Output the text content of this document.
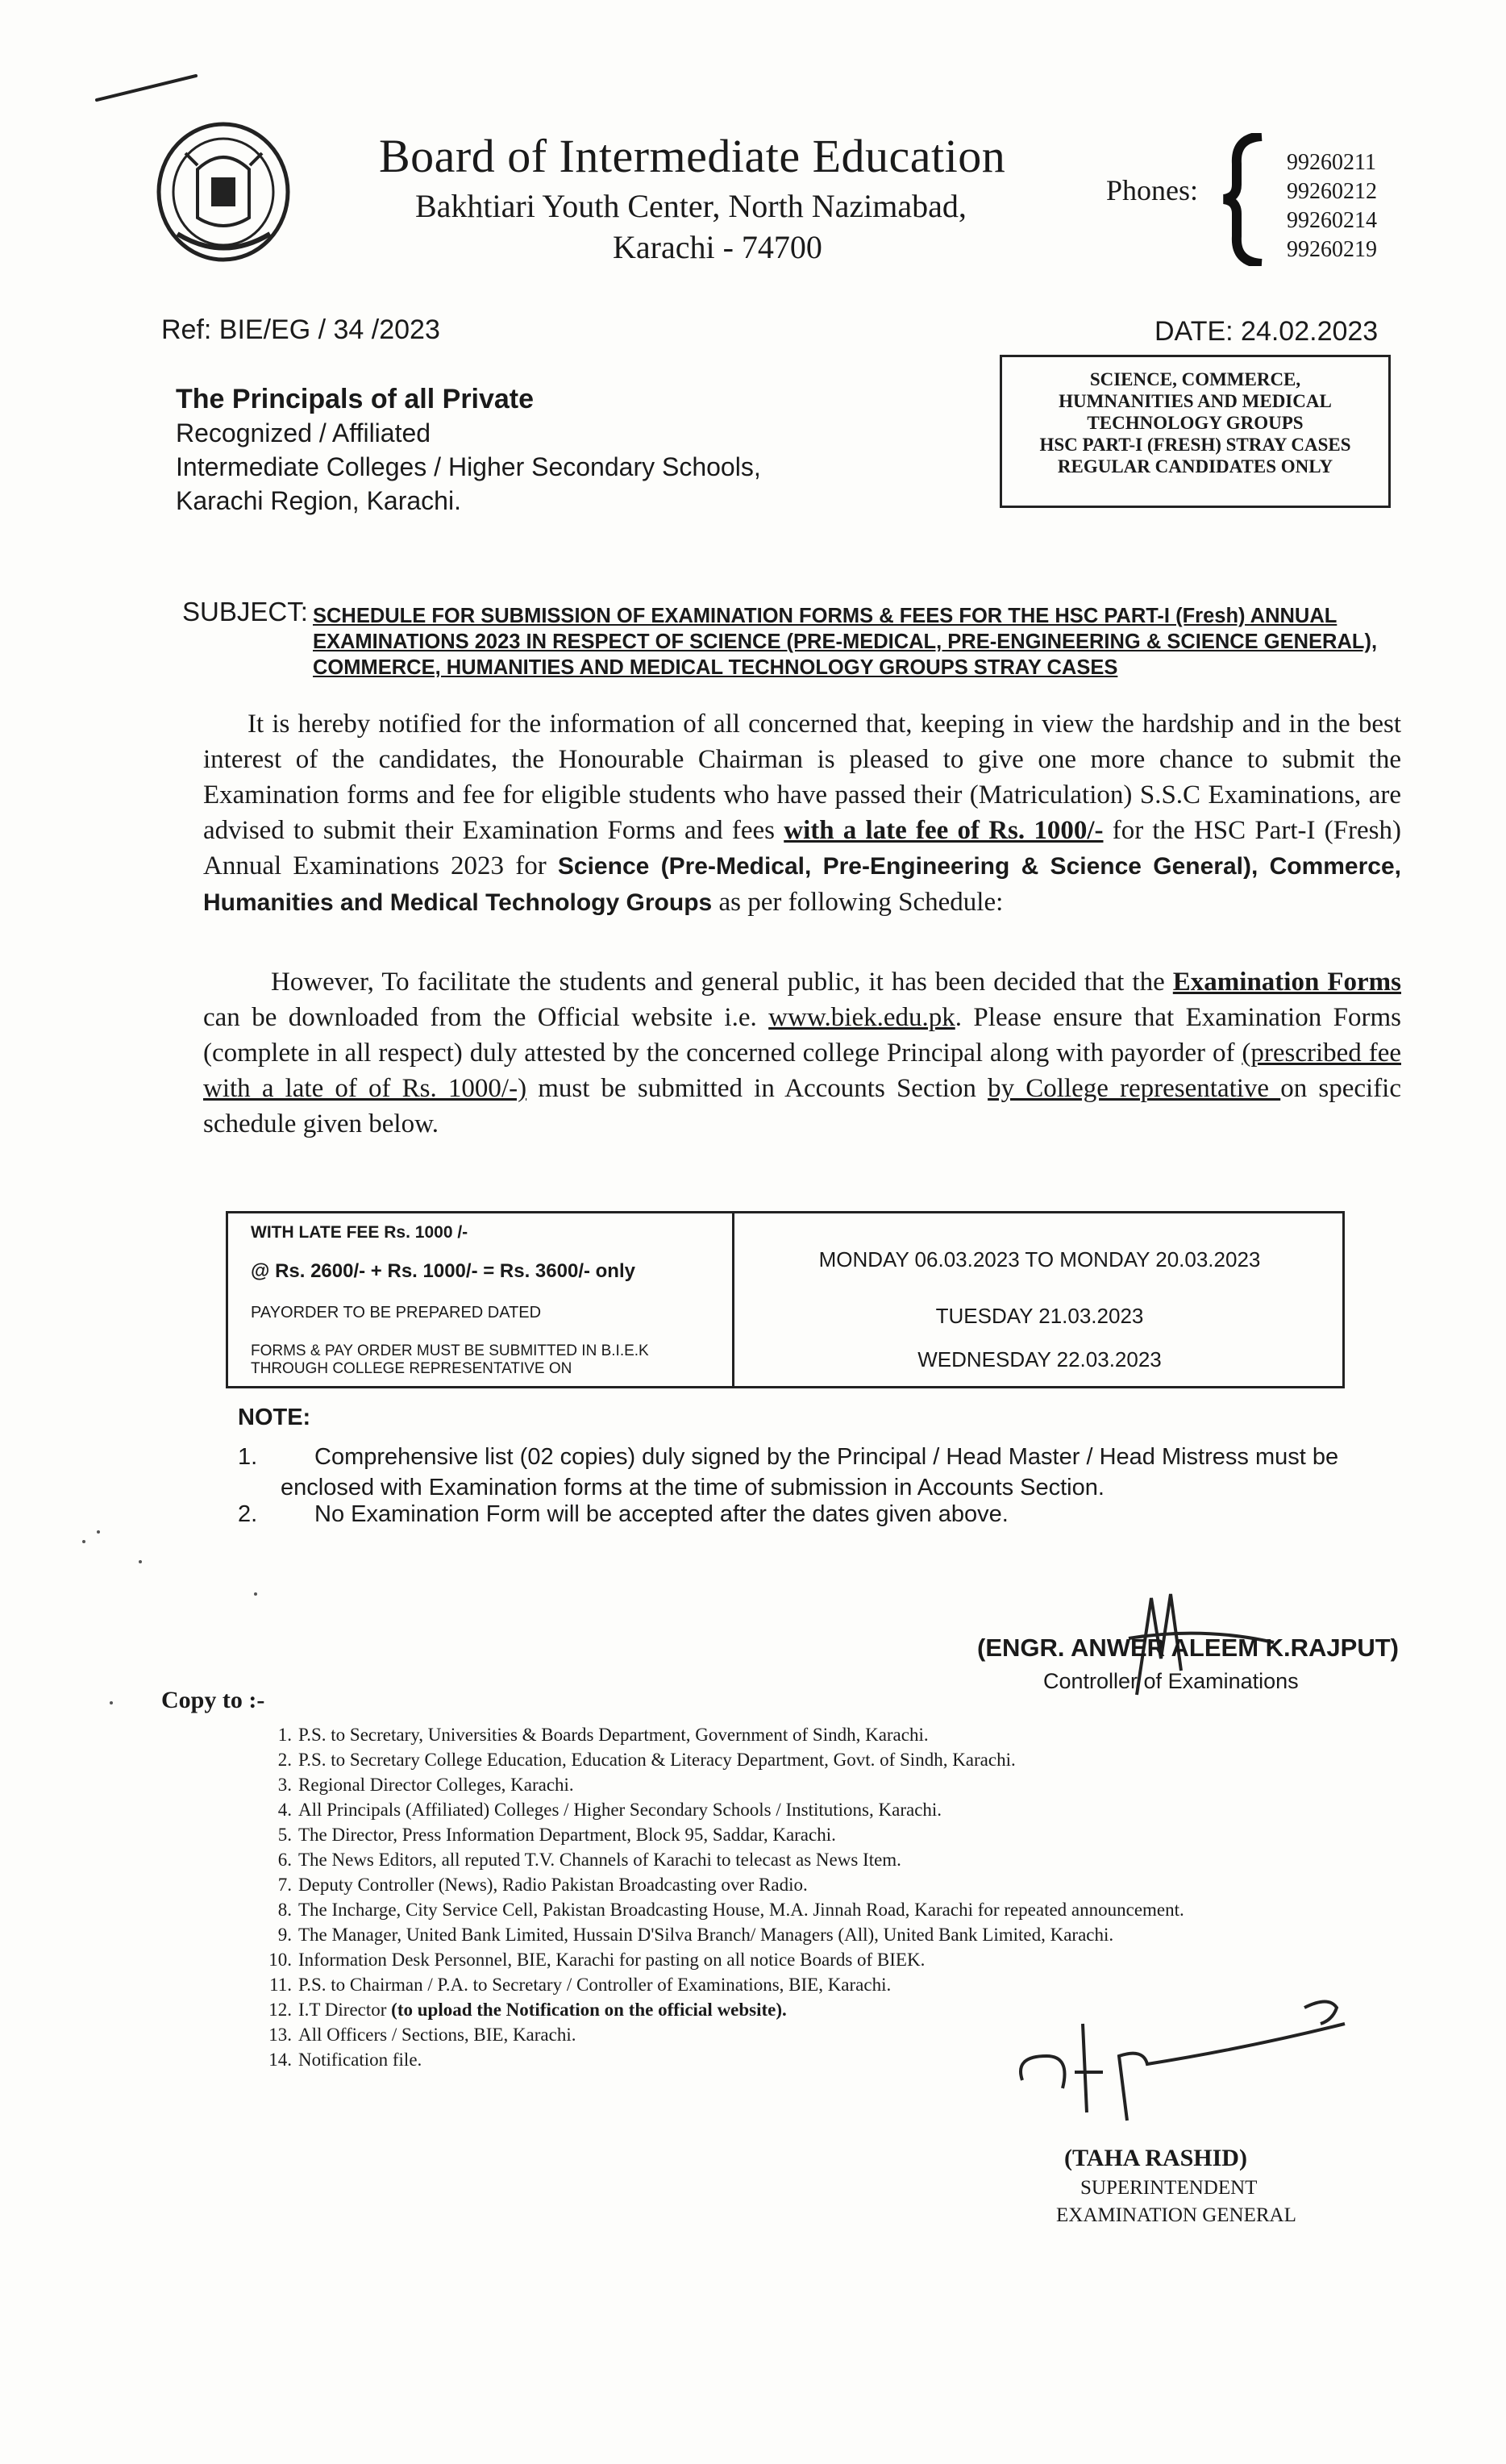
Board of Intermediate Education
Bakhtiari Youth Center, North Nazimabad,
Karachi - 74700
Phones:
99260211
99260212
99260214
99260219
Ref: BIE/EG / 34 /2023	DATE: 24.02.2023
The Principals of all Private
Recognized / Affiliated
Intermediate Colleges / Higher Secondary Schools,
Karachi Region, Karachi.
SCIENCE, COMMERCE,
HUMNANITIES AND MEDICAL
TECHNOLOGY GROUPS
HSC PART-I (FRESH) STRAY CASES
REGULAR CANDIDATES ONLY
SUBJECT: SCHEDULE FOR SUBMISSION OF EXAMINATION FORMS & FEES FOR THE HSC PART-I (Fresh) ANNUAL EXAMINATIONS 2023 IN RESPECT OF SCIENCE (PRE-MEDICAL, PRE-ENGINEERING & SCIENCE GENERAL), COMMERCE, HUMANITIES AND MEDICAL TECHNOLOGY GROUPS STRAY CASES
It is hereby notified for the information of all concerned that, keeping in view the hardship and in the best interest of the candidates, the Honourable Chairman is pleased to give one more chance to submit the Examination forms and fee for eligible students who have passed their (Matriculation) S.S.C Examinations, are advised to submit their Examination Forms and fees with a late fee of Rs. 1000/- for the HSC Part-I (Fresh) Annual Examinations 2023 for Science (Pre-Medical, Pre-Engineering & Science General), Commerce, Humanities and Medical Technology Groups as per following Schedule:
However, To facilitate the students and general public, it has been decided that the Examination Forms can be downloaded from the Official website i.e. www.biek.edu.pk. Please ensure that Examination Forms (complete in all respect) duly attested by the concerned college Principal along with payorder of (prescribed fee with a late of of Rs. 1000/-) must be submitted in Accounts Section by College representative on specific schedule given below.
WITH LATE FEE Rs. 1000 /-
@ Rs. 2600/- + Rs. 1000/- = Rs. 3600/- only
PAYORDER TO BE PREPARED DATED
FORMS & PAY ORDER MUST BE SUBMITTED IN B.I.E.K
THROUGH COLLEGE REPRESENTATIVE ON
MONDAY 06.03.2023 TO MONDAY 20.03.2023
TUESDAY 21.03.2023
WEDNESDAY 22.03.2023
NOTE:
1. Comprehensive list (02 copies) duly signed by the Principal / Head Master / Head Mistress must be
enclosed with Examination forms at the time of submission in Accounts Section.
2. No Examination Form will be accepted after the dates given above.
(ENGR. ANWER ALEEM K.RAJPUT)
Controller of Examinations
Copy to :-
1. P.S. to Secretary, Universities & Boards Department, Government of Sindh, Karachi.
2. P.S. to Secretary College Education, Education & Literacy Department, Govt. of Sindh, Karachi.
3. Regional Director Colleges, Karachi.
4. All Principals (Affiliated) Colleges / Higher Secondary Schools / Institutions, Karachi.
5. The Director, Press Information Department, Block 95, Saddar, Karachi.
6. The News Editors, all reputed T.V. Channels of Karachi to telecast as News Item.
7. Deputy Controller (News), Radio Pakistan Broadcasting over Radio.
8. The Incharge, City Service Cell, Pakistan Broadcasting House, M.A. Jinnah Road, Karachi for repeated announcement.
9. The Manager, United Bank Limited, Hussain D'Silva Branch/ Managers (All), United Bank Limited, Karachi.
10. Information Desk Personnel, BIE, Karachi for pasting on all notice Boards of BIEK.
11. P.S. to Chairman / P.A. to Secretary / Controller of Examinations, BIE, Karachi.
12. I.T Director (to upload the Notification on the official website).
13. All Officers / Sections, BIE, Karachi.
14. Notification file.
(TAHA RASHID)
SUPERINTENDENT
EXAMINATION GENERAL
